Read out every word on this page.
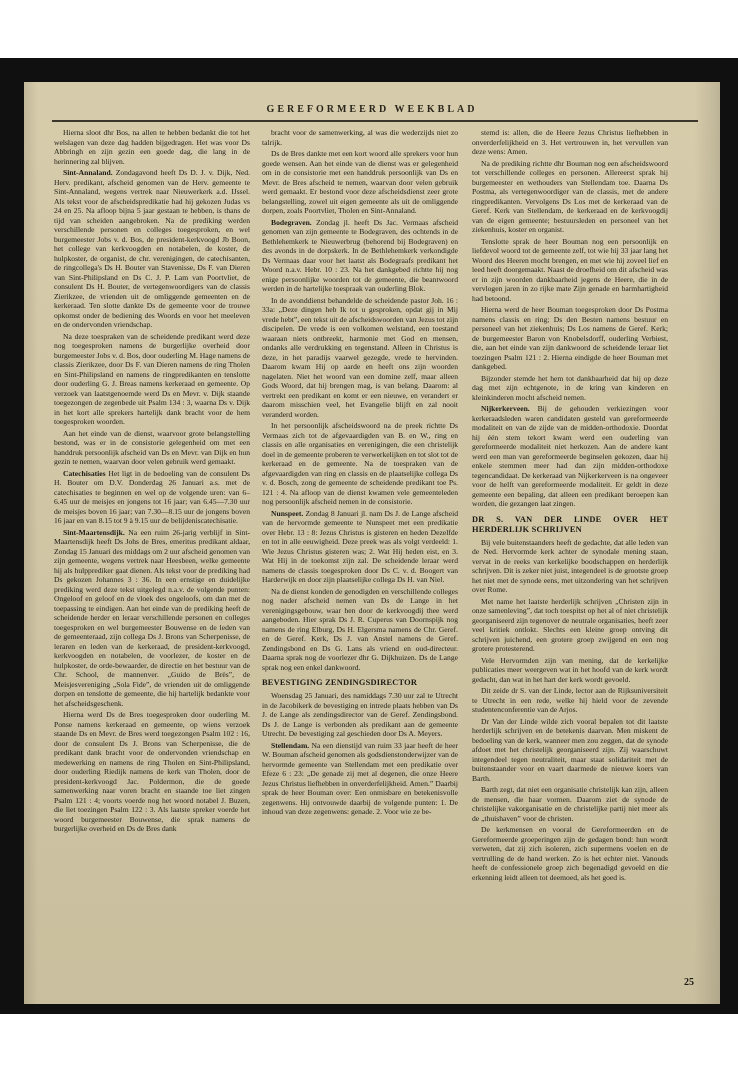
GEREFORMEERD WEEKBLAD

Hierna sloot dhr Bos, na allen te hebben bedankt die tot het welslagen van deze dag hadden bijgedragen. Het was voor Ds Abbringh en zijn gezin een goede dag, die lang in de herinnering zal blijven.

Sint-Annaland. Zondagavond heeft Ds D. J. v. Dijk, Ned. Herv. predikant, afscheid genomen van de Herv. gemeente te Sint-Annaland, wegens vertrek naar Nieuwerkerk a.d. IJssel. Als tekst voor de afscheidspredikatie had hij gekozen Judas vs 24 en 25. Na afloop bijna 5 jaar gestaan te hebben, is thans de tijd van scheiden aangebroken. Na de prediking werden verschillende personen en colleges toegesproken, en wel burgemeester Jobs v. d. Bos, de president-kerkvoogd Jb Boon, het college van kerkvoogden en notabelen, de koster, de hulpkoster, de organist, de chr. verenigingen, de catechisanten, de ringcollega's Ds H. Bouter van Stavenisse, Ds F. van Dieren van Sint-Philipsland en Ds C. J. P. Lam van Poortvliet, de consulent Ds H. Bouter, de vertegenwoordigers van de classis Zierikzee, de vrienden uit de omliggende gemeenten en de kerkeraad. Ten slotte dankte Ds de gemeente voor de trouwe opkomst onder de bediening des Woords en voor het meeleven en de ondervonden vriendschap.

Na deze toespraken van de scheidende predikant werd deze nog toegesproken namens de burgerlijke overheid door burgemeester Jobs v. d. Bos, door ouderling M. Hage namens de classis Zierikzee, door Ds F. van Dieren namens de ring Tholen en Sint-Philipsland en namens de ringpredikanten en tenslotte door ouderling G. J. Breas namens kerkeraad en gemeente. Op verzoek van laatstgenoemde werd Ds en Mevr. v. Dijk staande toegezongen de zegenbede uit Psalm 134 : 3, waarna Ds v. Dijk in het kort alle sprekers hartelijk dank bracht voor de hem toegesproken woorden.

Aan het einde van de dienst, waarvoor grote belangstelling bestond, was er in de consistorie gelegenheid om met een handdruk persoonlijk afscheid van Ds en Mevr. van Dijk en hun gezin te nemen, waarvan door velen gebruik werd gemaakt.

Catechisaties Het ligt in de bedoeling van de consulent Ds H. Bouter om D.V. Donderdag 26 Januari a.s. met de catechisaties te beginnen en wel op de volgende uren: van 6–6.45 uur de meisjes en jongens tot 16 jaar; van 6.45—7.30 uur de meisjes boven 16 jaar; van 7.30—8.15 uur de jongens boven 16 jaar en van 8.15 tot 9 à 9.15 uur de belijdeniscatechisatie.

Sint-Maartensdijk. Na een ruim 26-jarig verblijf in Sint-Maartensdijk heeft Ds Johs de Bres, emeritus predikant aldaar, Zondag 15 Januari des middags om 2 uur afscheid genomen van zijn gemeente, wegens vertrek naar Heesbeen, welke gemeente hij als hulpprediker gaat dienen. Als tekst voor de prediking had Ds gekozen Johannes 3 : 36. In een ernstige en duidelijke prediking werd deze tekst uitgelegd n.a.v. de volgende punten: Ongeloof en geloof en de vloek des ongeloofs, om dan met de toepassing te eindigen. Aan het einde van de prediking heeft de scheidende herder en leraar verschillende personen en colleges toegesproken en wel burgemeester Bouwense en de leden van de gemeenteraad, zijn collega Ds J. Brons van Scherpenisse, de leraren en leden van de kerkeraad, de president-kerkvoogd, kerkvoogden en notabelen, de voorlezer, de koster en de hulpkoster, de orde-bewaarder, de directie en het bestuur van de Chr. School, de mannenver. „Guido de Brès”, de Meisjesvereniging „Sola Fide”, de vrienden uit de omliggende dorpen en tenslotte de gemeente, die hij hartelijk bedankte voor het afscheidsgeschenk.

Hierna werd Ds de Bres toegesproken door ouderling M. Ponse namens kerkeraad en gemeente, op wiens verzoek staande Ds en Mevr. de Bres werd toegezongen Psalm 102 : 16, door de consulent Ds J. Brons van Scherpenisse, die de predikant dank bracht voor de ondervonden vriendschap en medewerking en namens de ring Tholen en Sint-Philipsland, door ouderling Riedijk namens de kerk van Tholen, door de president-kerkvoogd Jac. Poldermon, die de goede samenwerking naar voren bracht en staande toe liet zingen Psalm 121 : 4; voorts voerde nog het woord notabel J. Buzen, die liet toezingen Psalm 122 : 3. Als laatste spreker voerde het woord burgemeester Bouwense, die sprak namens de burgerlijke overheid en Ds de Bres dank

bracht voor de samenwerking, al was die wederzijds niet zo talrijk.

Ds de Bres dankte met een kort woord alle sprekers voor hun goede wensen. Aan het einde van de dienst was er gelegenheid om in de consistorie met een handdruk persoonlijk van Ds en Mevr. de Bres afscheid te nemen, waarvan door velen gebruik werd gemaakt. Er bestond voor deze afscheidsdienst zeer grote belangstelling, zowel uit eigen gemeente als uit de omliggende dorpen, zoals Poortvliet, Tholen en Sint-Annaland.

Bodegraven. Zondag jl. heeft Ds Jac. Vermaas afscheid genomen van zijn gemeente te Bodegraven, des ochtends in de Bethlehemkerk te Nieuwerbrug (behorend bij Bodegraven) en des avonds in de dorpskerk. In de Bethlehemkerk verkondigde Ds Vermaas daar voor het laatst als Bodegraafs predikant het Woord n.a.v. Hebr. 10 : 23. Na het dankgebed richtte hij nog enige persoonlijke woorden tot de gemeente, die beantwoord werden in de hartelijke toespraak van ouderling Blok.

In de avonddienst behandelde de scheidende pastor Joh. 16 : 33a: „Deze dingen heb Ik tot u gesproken, opdat gij in Mij vrede hebt”, een tekst uit de afscheidswoorden van Jezus tot zijn discipelen. De vrede is een volkomen welstand, een toestand waaraan niets ontbreekt, harmonie met God en mensen, ondanks alle verdrukking en tegenstand. Alleen in Christus is deze, in het paradijs vaarwel gezegde, vrede te hervinden. Daarom kwam Hij op aarde en heeft ons zijn woorden nagelaten. Niet het woord van een domine zelf, maar alleen Gods Woord, dat hij brengen mag, is van belang. Daarom: al vertrekt een predikant en komt er een nieuwe, en verandert er daarom misschien veel, het Evangelie blijft en zal nooit veranderd worden.

In het persoonlijk afscheidswoord na de preek richtte Ds Vermaas zich tot de afgevaardigden van B. en W., ring en classis en alle organisaties en verenigingen, die een christelijk doel in de gemeente proberen te verwerkelijken en tot slot tot de kerkeraad en de gemeente. Na de toespraken van de afgevaardigden van ring en classis en de plaatselijke collega Ds v. d. Bosch, zong de gemeente de scheidende predikant toe Ps. 121 : 4. Na afloop van de dienst kwamen vele gemeenteleden nog persoonlijk afscheid nemen in de consistorie.

Nunspeet. Zondag 8 Januari jl. nam Ds J. de Lange afscheid van de hervormde gemeente te Nunspeet met een predikatie over Hebr. 13 : 8: Jezus Christus is gisteren en heden Dezelfde en tot in alle eeuwigheid. Deze preek was als volgt verdeeld: 1. Wie Jezus Christus gisteren was; 2. Wat Hij heden eist, en 3. Wat Hij in de toekomst zijn zal. De scheidende leraar werd namens de classis toegesproken door Ds C. v. d. Boogert van Harderwijk en door zijn plaatselijke collega Ds H. van Niel.

Na de dienst konden de genodigden en verschillende colleges nog nader afscheid nemen van Ds de Lange in het verenigingsgebouw, waar hen door de kerkvoogdij thee werd aangeboden. Hier sprak Ds J. R. Cuperus van Doornspijk nog namens de ring Elburg, Ds H. Elgersma namens de Chr. Geref. en de Geref. Kerk, Ds J. van Anstel namens de Geref. Zendingsbond en Ds G. Lans als vriend en oud-directeur. Daarna sprak nog de voorlezer dhr G. Dijkhuizen. Ds de Lange sprak nog een enkel dankwoord.

BEVESTIGING ZENDINGSDIRECTOR

Woensdag 25 Januari, des namiddags 7.30 uur zal te Utrecht in de Jacobikerk de bevestiging en intrede plaats hebben van Ds J. de Lange als zendingsdirector van de Geref. Zendingsbond. Ds J. de Lange is verbonden als predikant aan de gemeente Utrecht. De bevestiging zal geschieden door Ds A. Meyers.

Stellendam. Na een dienstijd van ruim 33 jaar heeft de heer W. Bouman afscheid genomen als godsdienstonderwijzer van de hervormde gemeente van Stellendam met een predikatie over Efeze 6 : 23: „De genade zij met al degenen, die onze Heere Jezus Christus liefhebben in onverderfelijkheid. Amen.” Daarbij sprak de heer Bouman over: Een onmisbare en betekenisvolle zegenwens. Hij ontvouwde daarbij de volgende punten: 1. De inhoud van deze zegenwens: genade. 2. Voor wie ze be-

stemd is: allen, die de Heere Jezus Christus liefhebben in onverderfelijkheid en 3. Het vertrouwen in, het vervullen van deze wens: Amen.

Na de prediking richtte dhr Bouman nog een afscheidswoord tot verschillende colleges en personen. Allereerst sprak hij burgemeester en wethouders van Stellendam toe. Daarna Ds Postma, als vertegenwoordiger van de classis, met de andere ringpredikanten. Vervolgens Ds Los met de kerkeraad van de Geref. Kerk van Stellendam, de kerkeraad en de kerkvoogdij van de eigen gemeente; bestuursleden en personeel van het ziekenhuis, koster en organist.

Tenslotte sprak de heer Bouman nog een persoonlijk en liefdevol woord tot de gemeente zelf, tot wie hij 33 jaar lang het Woord des Heeren mocht brengen, en met wie hij zoveel lief en leed heeft doorgemaakt. Naast de droefheid om dit afscheid was er in zijn woorden dankbaarheid jegens de Heere, die in de vervlogen jaren in zo rijke mate Zijn genade en barmhartigheid had betoond.

Hierna werd de heer Bouman toegesproken door Ds Postma namens classis en ring; Ds den Besten namens bestuur en personeel van het ziekenhuis; Ds Los namens de Geref. Kerk; de burgemeester Baron von Knobelsdorff, ouderling Verbiest, die, aan het einde van zijn dankwoord de scheidende leraar liet toezingen Psalm 121 : 2. Hierna eindigde de heer Bouman met dankgebed.

Bijzonder stemde het hem tot dankbaarheid dat hij op deze dag met zijn echtgenote, in de kring van kinderen en kleinkinderen mocht afscheid nemen.

Nijkerkerveen. Bij de gehouden verkiezingen voor kerkeraadsleden waren candidaten gesteld van gereformeerde modaliteit en van de zijde van de midden-orthodoxie. Doordat hij één stem tekort kwam werd een ouderling van gereformeerde modaliteit niet herkozen. Aan de andere kant werd een man van gereformeerde beginselen gekozen, daar hij enkele stemmen meer had dan zijn midden-orthodoxe tegencandidaat. De kerkeraad van Nijkerkerveen is na ongeveer voor de helft van gereformeerde modaliteit. Er geldt in deze gemeente een bepaling, dat alleen een predikant beroepen kan worden, die gezangen laat zingen.

DR S. VAN DER LINDE OVER HET HERDERLIJK SCHRIJVEN

Bij vele buitenstaanders heeft de gedachte, dat alle leden van de Ned. Hervormde kerk achter de synodale mening staan, vervat in de reeks van kerkelijke boodschappen en herderlijk schrijven. Dit is zeker niet juist, integendeel is de grootste groep het niet met de synode eens, met uitzondering van het schrijven over Rome.

Met name het laatste herderlijk schrijven „Christen zijn in onze samenleving”, dat toch toespitst op het al of niet christelijk georganiseerd zijn tegenover de neutrale organisaties, heeft zeer veel kritiek ontlokt. Slechts een kleine groep ontving dit schrijven juichend, een grotere groep zwijgend en een nog grotere protesterend.

Vele Hervormden zijn van mening, dat de kerkelijke publicaties meer weergeven wat in het hoofd van de kerk wordt gedacht, dan wat in het hart der kerk wordt gevoeld.

Dit zeide dr S. van der Linde, lector aan de Rijksuniversiteit te Utrecht in een rede, welke hij hield voor de zevende studentenconferentie van de Arjos.

Dr Van der Linde wilde zich vooral bepalen tot dit laatste herderlijk schrijven en de betekenis daarvan. Men miskent de bedoeling van de kerk, wanneer men zou zeggen, dat de synode afdoet met het christelijk georganiseerd zijn. Zij waarschuwt integendeel tegen neutraliteit, maar staat solidariteit met de buitenstaander voor en vaart daarmede de nieuwe koers van Barth.

Barth zegt, dat niet een organisatie christelijk kan zijn, alleen de mensen, die haar vormen. Daarom ziet de synode de christelijke vakorganisatie en de christelijke partij niet meer als de „thuishaven” voor de christen.

De kerkmensen en vooral de Gereformeerden en de Gereformeerde groeperingen zijn de gedagen bond: hun wordt verweten, dat zij zich isoleren, zich supermens voelen en de vertrulling de de hand werken. Zo is het echter niet. Vanouds heeft de confessionele groep zich begenadigd gevoeld en die erkenning leidt alleen tot deemoed, als het goed is.

25
